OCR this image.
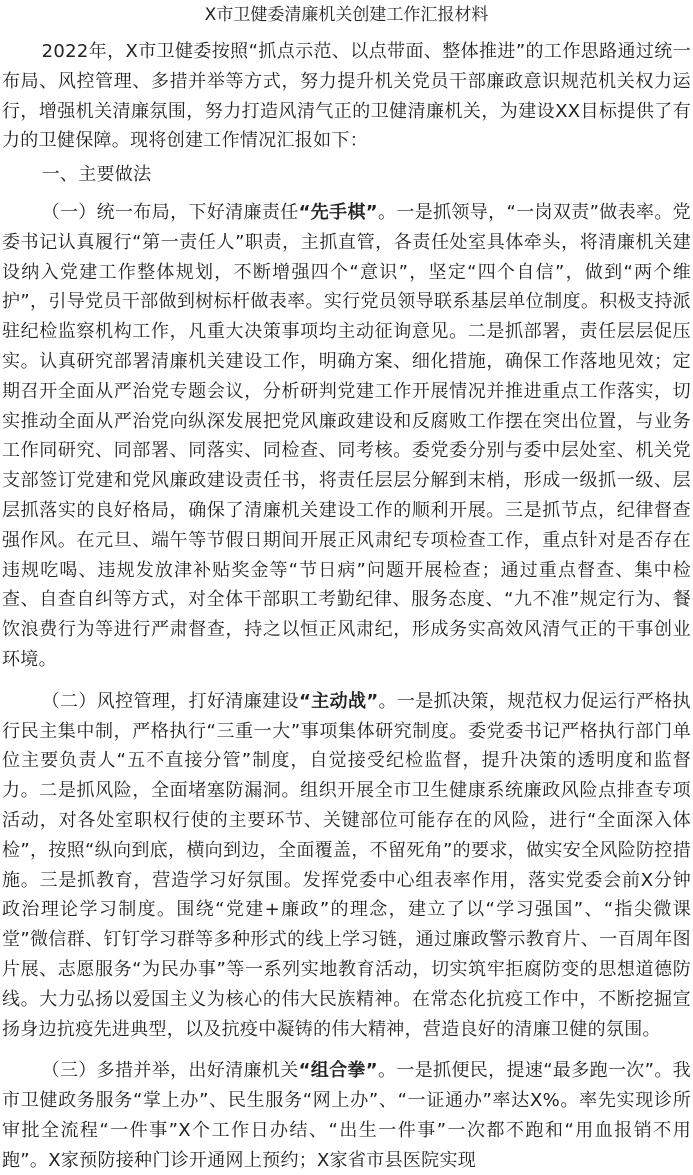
X市卫健委清廉机关创建工作汇报材料

2022年，X市卫健委按照“抓点示范、以点带面、整体推进”的工作思路通过统一布局、风控管理、多措并举等方式，努力提升机关党员干部廉政意识规范机关权力运行，增强机关清廉氛围，努力打造风清气正的卫健清廉机关，为建设XX目标提供了有力的卫健保障。现将创建工作情况汇报如下：

一、主要做法

（一）统一布局，下好清廉责任“先手棋”。一是抓领导，“一岗双责”做表率。党委书记认真履行“第一责任人”职责，主抓直管，各责任处室具体牵头，将清廉机关建设纳入党建工作整体规划，不断增强四个“意识”，坚定“四个自信”，做到“两个维护”，引导党员干部做到树标杆做表率。实行党员领导联系基层单位制度。积极支持派驻纪检监察机构工作，凡重大决策事项均主动征询意见。二是抓部署，责任层层促压实。认真研究部署清廉机关建设工作，明确方案、细化措施，确保工作落地见效；定期召开全面从严治党专题会议，分析研判党建工作开展情况并推进重点工作落实，切实推动全面从严治党向纵深发展把党风廉政建设和反腐败工作摆在突出位置，与业务工作同研究、同部署、同落实、同检查、同考核。委党委分别与委中层处室、机关党支部签订党建和党风廉政建设责任书，将责任层层分解到末梢，形成一级抓一级、层层抓落实的良好格局，确保了清廉机关建设工作的顺利开展。三是抓节点，纪律督查强作风。在元旦、端午等节假日期间开展正风肃纪专项检查工作，重点针对是否存在违规吃喝、违规发放津补贴奖金等“节日病”问题开展检查；通过重点督查、集中检查、自查自纠等方式，对全体干部职工考勤纪律、服务态度、“九不准”规定行为、餐饮浪费行为等进行严肃督查，持之以恒正风肃纪，形成务实高效风清气正的干事创业环境。

（二）风控管理，打好清廉建设“主动战”。一是抓决策，规范权力促运行严格执行民主集中制，严格执行“三重一大”事项集体研究制度。委党委书记严格执行部门单位主要负责人“五不直接分管”制度，自觉接受纪检监督，提升决策的透明度和监督力。二是抓风险，全面堵塞防漏洞。组织开展全市卫生健康系统廉政风险点排查专项活动，对各处室职权行使的主要环节、关键部位可能存在的风险，进行“全面深入体检”，按照“纵向到底，横向到边，全面覆盖，不留死角”的要求，做实安全风险防控措施。三是抓教育，营造学习好氛围。发挥党委中心组表率作用，落实党委会前X分钟政治理论学习制度。围绕“党建+廉政”的理念，建立了以“学习强国”、“指尖微课堂”微信群、钉钉学习群等多种形式的线上学习链，通过廉政警示教育片、一百周年图片展、志愿服务“为民办事”等一系列实地教育活动，切实筑牢拒腐防变的思想道德防线。大力弘扬以爱国主义为核心的伟大民族精神。在常态化抗疫工作中，不断挖掘宣扬身边抗疫先进典型，以及抗疫中凝铸的伟大精神，营造良好的清廉卫健的氛围。

（三）多措并举，出好清廉机关“组合拳”。一是抓便民，提速“最多跑一次”。我市卫健政务服务“掌上办”、民生服务“网上办”、“一证通办”率达X%。率先实现诊所审批全流程“一件事”X个工作日办结、“出生一件事”一次都不跑和“用血报销不用跑”。X家预防接种门诊开通网上预约；X家省市县医院实现
